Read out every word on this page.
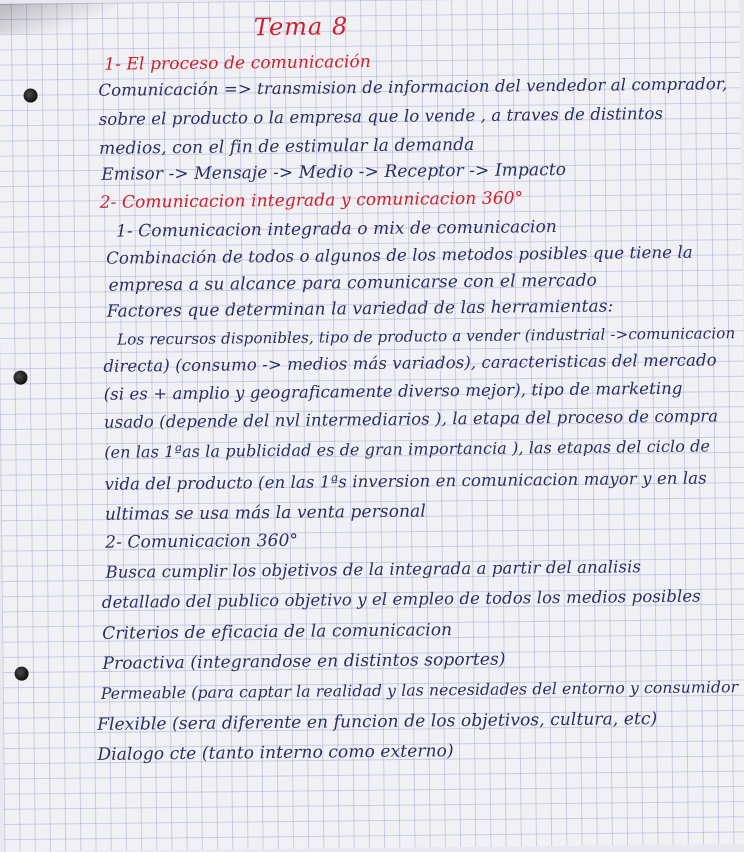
Tema 8
1- El proceso de comunicación
Comunicación => transmision de informacion del vendedor al comprador,
sobre el producto o la empresa que lo vende , a traves de distintos
medios, con el fin de estimular la demanda
Emisor -> Mensaje -> Medio -> Receptor -> Impacto
2- Comunicacion integrada y comunicacion 360°
1- Comunicacion integrada o mix de comunicacion
Combinación de todos o algunos de los metodos posibles que tiene la
empresa a su alcance para comunicarse con el mercado
Factores que determinan la variedad de las herramientas:
Los recursos disponibles, tipo de producto a vender (industrial ->comunicacion
directa) (consumo -> medios más variados), caracteristicas del mercado
(si es + amplio y geograficamente diverso mejor), tipo de marketing
usado (depende del nvl intermediarios ), la etapa del proceso de compra
(en las 1ªas la publicidad es de gran importancia ), las etapas del ciclo de
vida del producto (en las 1ªs inversion en comunicacion mayor y en las
ultimas se usa más la venta personal
2- Comunicacion 360°
Busca cumplir los objetivos de la integrada a partir del analisis
detallado del publico objetivo y el empleo de todos los medios posibles
Criterios de eficacia de la comunicacion
Proactiva (integrandose en distintos soportes)
Permeable (para captar la realidad y las necesidades del entorno y consumidor
Flexible (sera diferente en funcion de los objetivos, cultura, etc)
Dialogo cte (tanto interno como externo)
